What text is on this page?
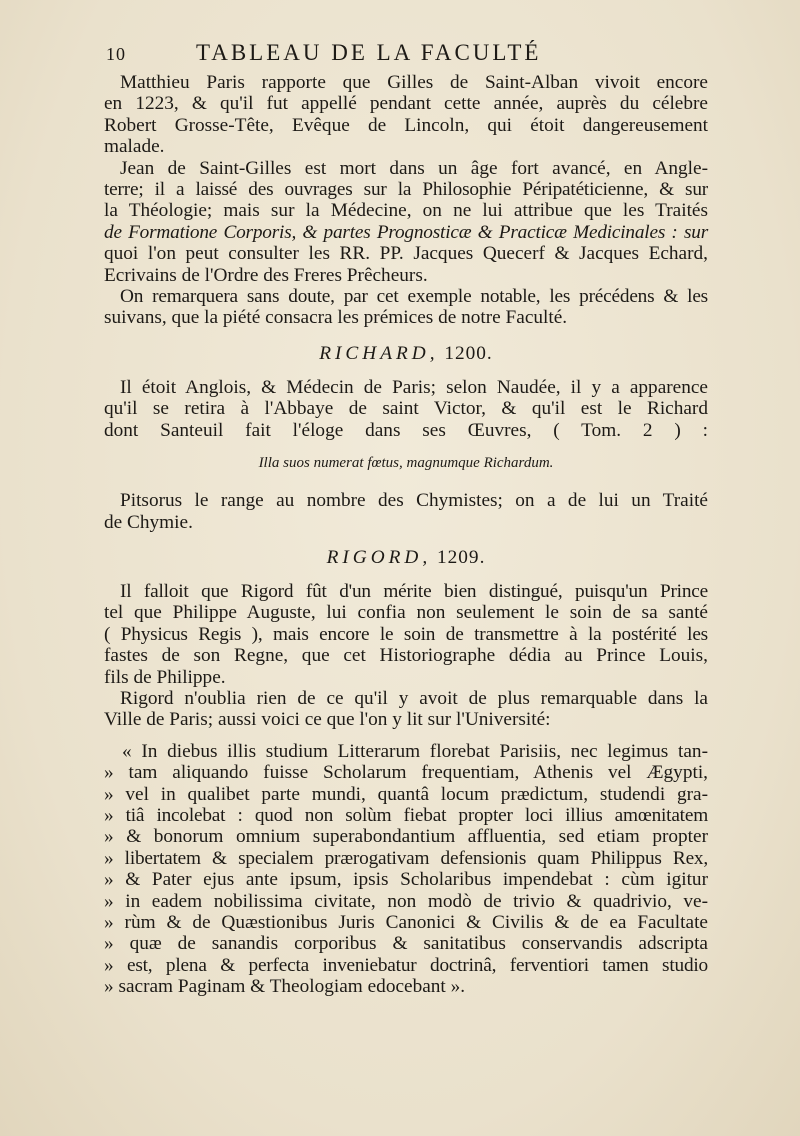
10	TABLEAU DE LA FACULTÉ
Matthieu Paris rapporte que Gilles de Saint-Alban vivoit encore
en 1223, & qu'il fut appellé pendant cette année, auprès du célebre
Robert Grosse-Tête, Evêque de Lincoln, qui étoit dangereusement
malade.
Jean de Saint-Gilles est mort dans un âge fort avancé, en Angle-
terre; il a laissé des ouvrages sur la Philosophie Péripatéticienne, & sur
la Théologie; mais sur la Médecine, on ne lui attribue que les Traités
de Formatione Corporis, & partes Prognosticæ & Practicæ Medicinales : sur
quoi l'on peut consulter les RR. PP. Jacques Quecerf & Jacques Echard,
Ecrivains de l'Ordre des Freres Prêcheurs.
On remarquera sans doute, par cet exemple notable, les précédens & les
suivans, que la piété consacra les prémices de notre Faculté.
RICHARD, 1200.
Il étoit Anglois, & Médecin de Paris; selon Naudée, il y a apparence
qu'il se retira à l'Abbaye de saint Victor, & qu'il est le Richard
dont Santeuil fait l'éloge dans ses Œuvres, ( Tom. 2 ) :
Illa suos numerat fœtus, magnumque Richardum.
Pitsorus le range au nombre des Chymistes; on a de lui un Traité
de Chymie.
RIGORD, 1209.
Il falloit que Rigord fût d'un mérite bien distingué, puisqu'un Prince
tel que Philippe Auguste, lui confia non seulement le soin de sa santé
( Physicus Regis ), mais encore le soin de transmettre à la postérité les
fastes de son Regne, que cet Historiographe dédia au Prince Louis,
fils de Philippe.
Rigord n'oublia rien de ce qu'il y avoit de plus remarquable dans la
Ville de Paris; aussi voici ce que l'on y lit sur l'Université:
« In diebus illis studium Litterarum florebat Parisiis, nec legimus tan-
» tam aliquando fuisse Scholarum frequentiam, Athenis vel Ægypti,
» vel in qualibet parte mundi, quantâ locum prædictum, studendi gra-
» tiâ incolebat : quod non solùm fiebat propter loci illius amœnitatem
» & bonorum omnium superabondantium affluentia, sed etiam propter
» libertatem & specialem prærogativam defensionis quam Philippus Rex,
» & Pater ejus ante ipsum, ipsis Scholaribus impendebat : cùm igitur
» in eadem nobilissima civitate, non modò de trivio & quadrivio, ve-
» rùm & de Quæstionibus Juris Canonici & Civilis & de ea Facultate
» quæ de sanandis corporibus & sanitatibus conservandis adscripta
» est, plena & perfecta inveniebatur doctrinâ, ferventiori tamen studio
» sacram Paginam & Theologiam edocebant ».
